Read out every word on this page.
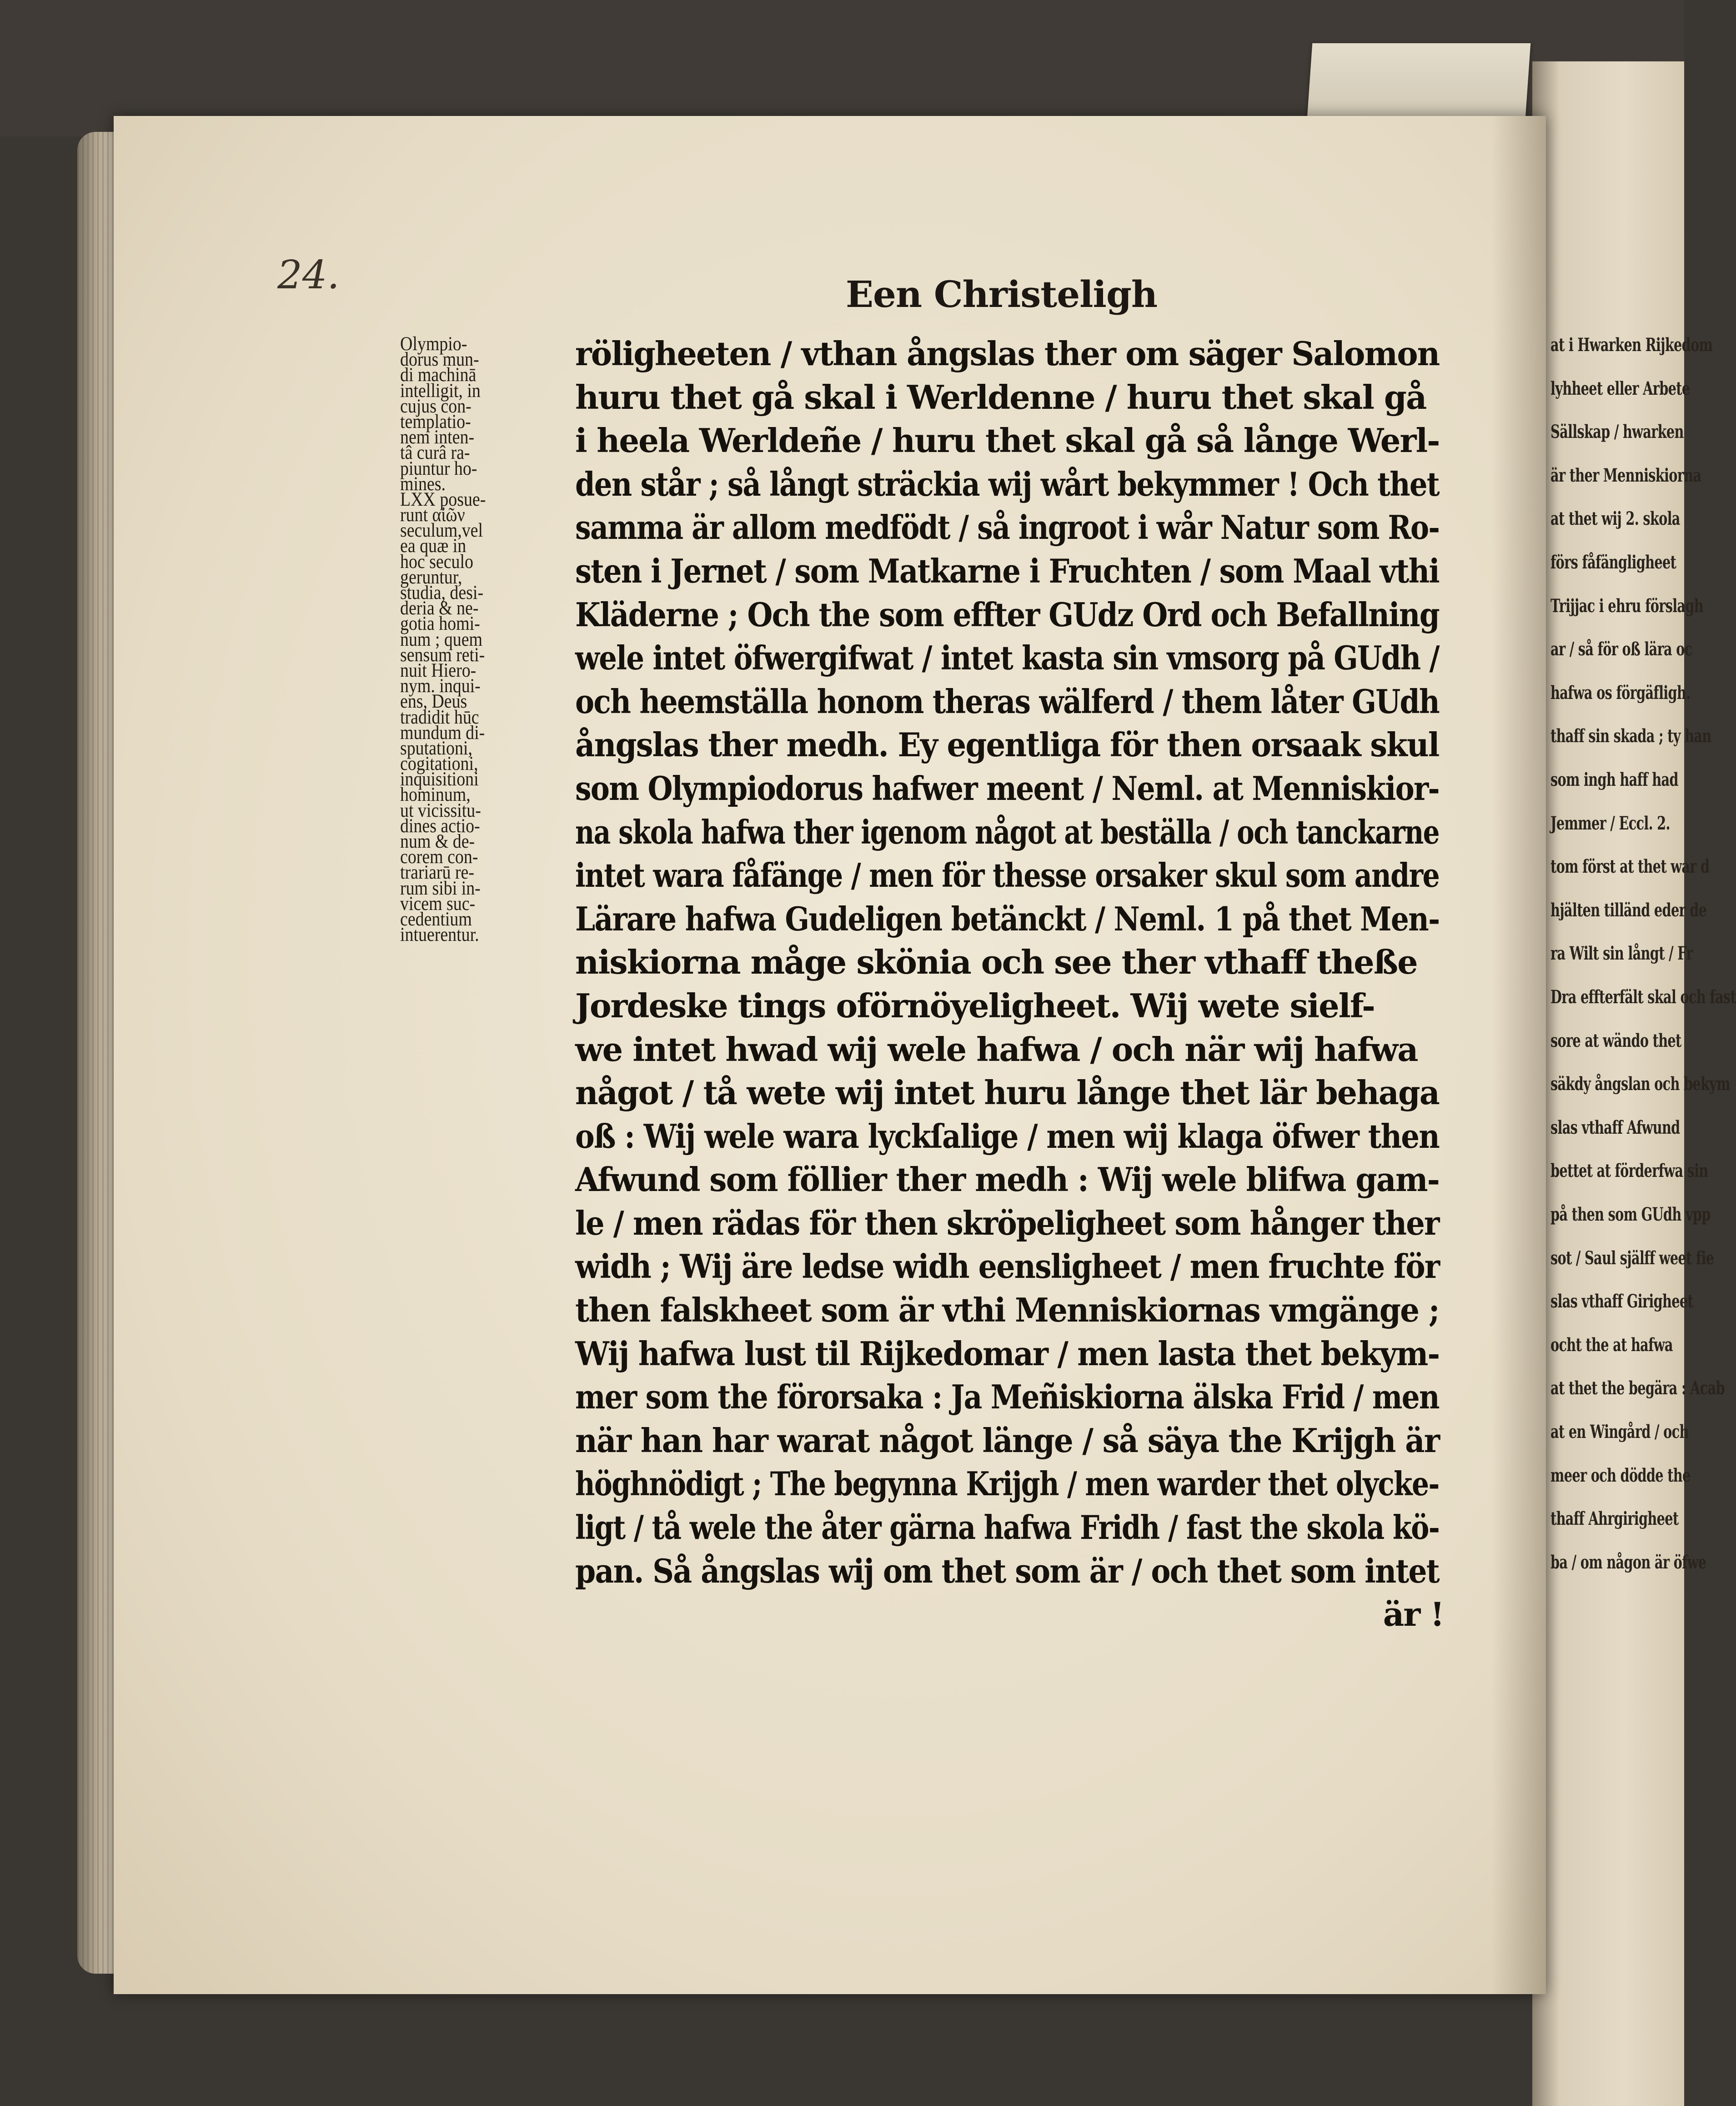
at i Hwarken Rijkedom
lyhheet eller Arbete
Sällskap / hwarken
är ther Menniskiorna
at thet wij 2. skola
förs fåfängligheet
Trijjac i ehru förslagh
ar / så för oß lära oc
hafwa os förgäfligh.
thaff sin skada ; ty han
som ingh haff had
Jemmer / Eccl. 2.
tom först at thet war d
hjälten tilländ eder de
ra Wilt sin långt / Fr
Dra effterfält skal och fast
sore at wändo thet
säkdy ångslan och bekym
slas vthaff Afwund
bettet at förderfwa sin
på then som GUdh vpp
sot / Saul själff weet fie
slas vthaff Girigheet
ocht the at hafwa
at thet the begära : Acab
at en Wingård / och
meer och dödde the
thaff Ahrgirigheet
ba / om någon är öfwe
24.	Een Christeligh
Olympio-
dorus mun-
di machinā
intelligit, in
cujus con-
templatio-
nem inten-
tâ curâ ra-
piuntur ho-
mines.
LXX posue-
runt αἰῶν
seculum,vel
ea quæ in
hoc seculo
geruntur,
studia, desi-
deria & ne-
gotia homi-
num ; quem
sensum reti-
nuit Hiero-
nym. inqui-
ens, Deus
tradidit hūc
mundum di-
sputationi,
cogitationi,
inquisitioni
hominum,
ut vicissitu-
dines actio-
num & de-
corem con-
trariarū re-
rum sibi in-
vicem suc-
cedentium
intuerentur.
röligheeten / vthan ångslas ther om säger Salomon
huru thet gå skal i Werldenne / huru thet skal gå
i heela Werldeñe / huru thet skal gå så långe Werl-
den står ; så långt sträckia wij wårt bekymmer ! Och thet
samma är allom medfödt / så ingroot i wår Natur som Ro-
sten i Jernet / som Matkarne i Fruchten / som Maal vthi
Kläderne ; Och the som effter GUdz Ord och Befallning
wele intet öfwergifwat / intet kasta sin vmsorg på GUdh /
och heemställa honom theras wälferd / them låter GUdh
ångslas ther medh. Ey egentliga för then orsaak skul
som Olympiodorus hafwer meent / Neml. at Menniskior-
na skola hafwa ther igenom något at beställa / och tanckarne
intet wara fåfänge / men för thesse orsaker skul som andre
Lärare hafwa Gudeligen betänckt / Neml. 1 på thet Men-
niskiorna måge skönia och see ther vthaff theße
Jordeske tings oförnöyeligheet. Wij wete sielf-
we intet hwad wij wele hafwa / och när wij hafwa
något / tå wete wij intet huru långe thet lär behaga
oß : Wij wele wara lyckſalige / men wij klaga öfwer then
Afwund som föllier ther medh : Wij wele blifwa gam-
le / men rädas för then skröpeligheet som hånger ther
widh ; Wij äre ledse widh eensligheet / men fruchte för
then falskheet som är vthi Menniskiornas vmgänge ;
Wij hafwa lust til Rijkedomar / men lasta thet bekym-
mer som the förorsaka : Ja Meñiskiorna älska Frid / men
när han har warat något länge / så säya the Krijgh är
höghnödigt ; The begynna Krijgh / men warder thet olycke-
ligt / tå wele the åter gärna hafwa Fridh / fast the skola kö-
pan. Så ångslas wij om thet som är / och thet som intet
är !
